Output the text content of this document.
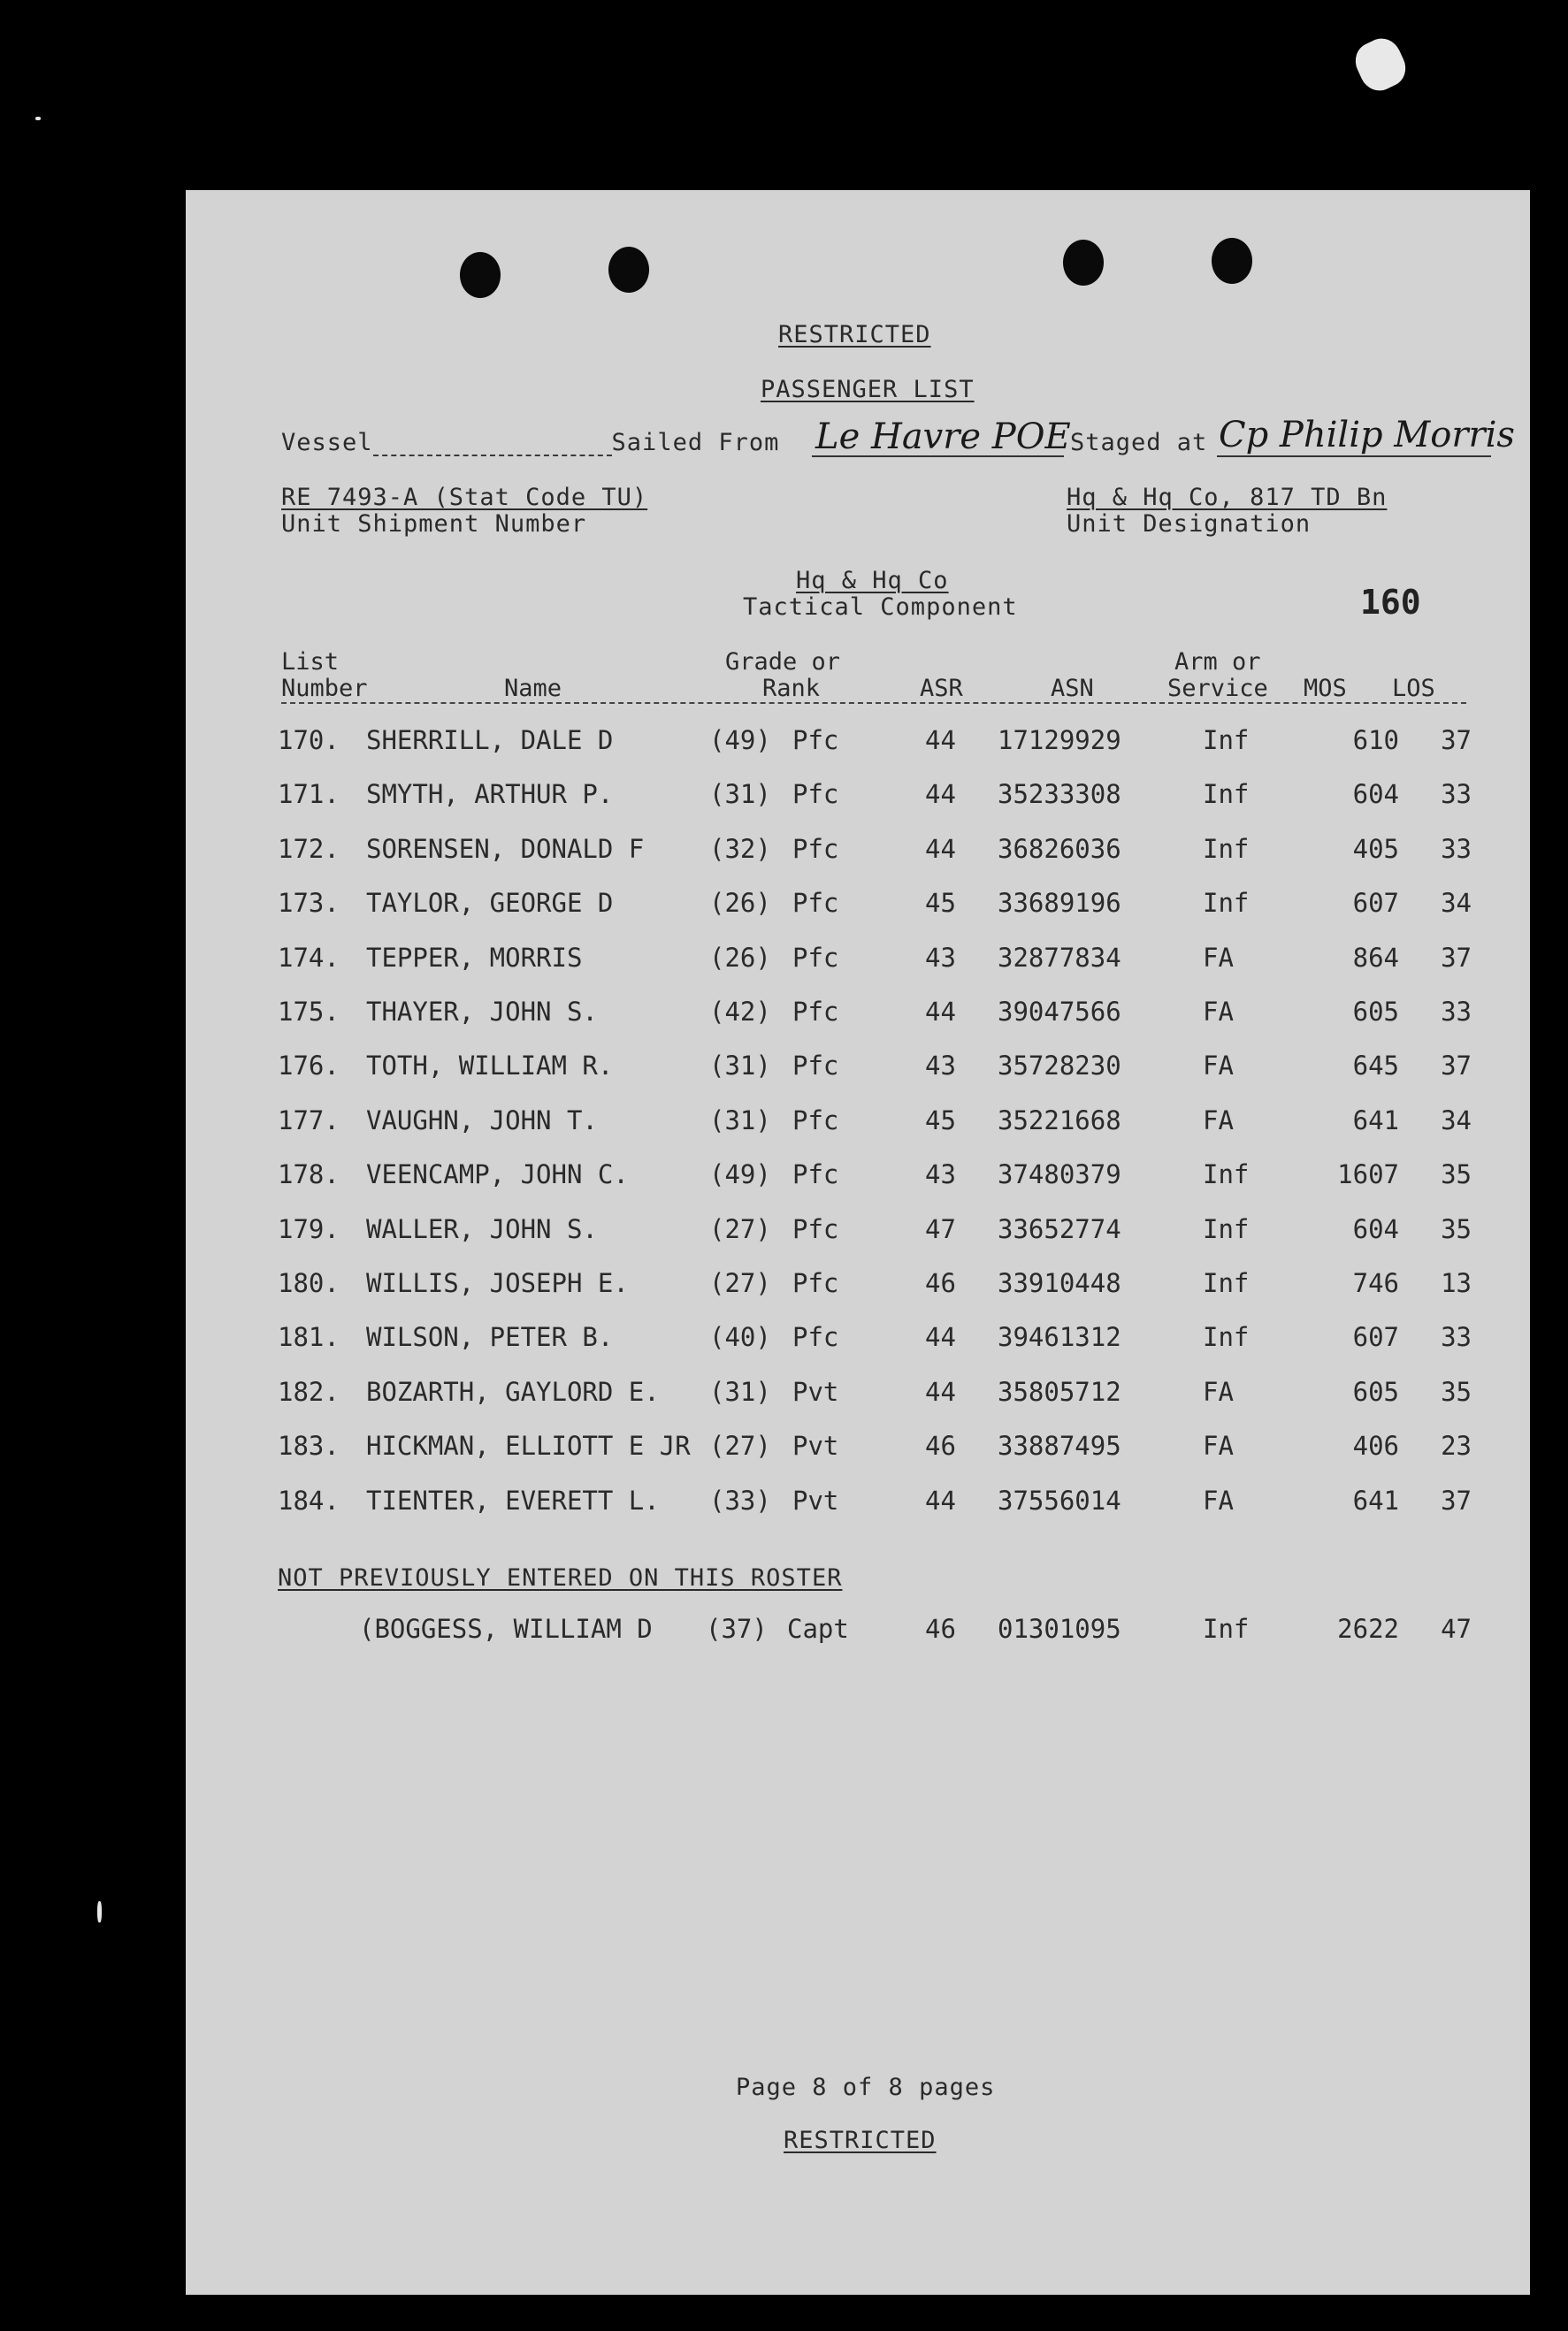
RESTRICTED
PASSENGER LIST
Vessel	Sailed From Le Havre POE Staged at Cp Philip Morris
RE 7493-A (Stat Code TU)
Unit Shipment Number
Hq & Hq Co, 817 TD Bn
Unit Designation
Hq & Hq Co
Tactical Component	160
List
Number	Name
Grade or
Rank	ASR	ASN
Arm or
Service MOS LOS
170. SHERRILL, DALE D	(49) Pfc	44 17129929	Inf	610	37
171. SMYTH, ARTHUR P.	(31) Pfc	44 35233308	Inf	604	33
172. SORENSEN, DONALD F	(32) Pfc	44 36826036	Inf	405	33
173. TAYLOR, GEORGE D	(26) Pfc	45 33689196	Inf	607	34
174. TEPPER, MORRIS	(26) Pfc	43 32877834	FA	864	37
175. THAYER, JOHN S.	(42) Pfc	44 39047566	FA	605	33
176. TOTH, WILLIAM R.	(31) Pfc	43 35728230	FA	645	37
177. VAUGHN, JOHN T.	(31) Pfc	45 35221668	FA	641	34
178. VEENCAMP, JOHN C.	(49) Pfc	43 37480379	Inf	1607	35
179. WALLER, JOHN S.	(27) Pfc	47 33652774	Inf	604	35
180. WILLIS, JOSEPH E.	(27) Pfc	46 33910448	Inf	746	13
181. WILSON, PETER B.	(40) Pfc	44 39461312	Inf	607	33
182. BOZARTH, GAYLORD E. (31) Pvt	44 35805712	FA	605	35
183. HICKMAN, ELLIOTT E JR (27) Pvt	46 33887495	FA	406	23
184. TIENTER, EVERETT L. (33) Pvt	44 37556014	FA	641	37
NOT PREVIOUSLY ENTERED ON THIS ROSTER
(BOGGESS, WILLIAM D (37) Capt	46 01301095	Inf	2622	47
Page 8 of 8 pages
RESTRICTED
